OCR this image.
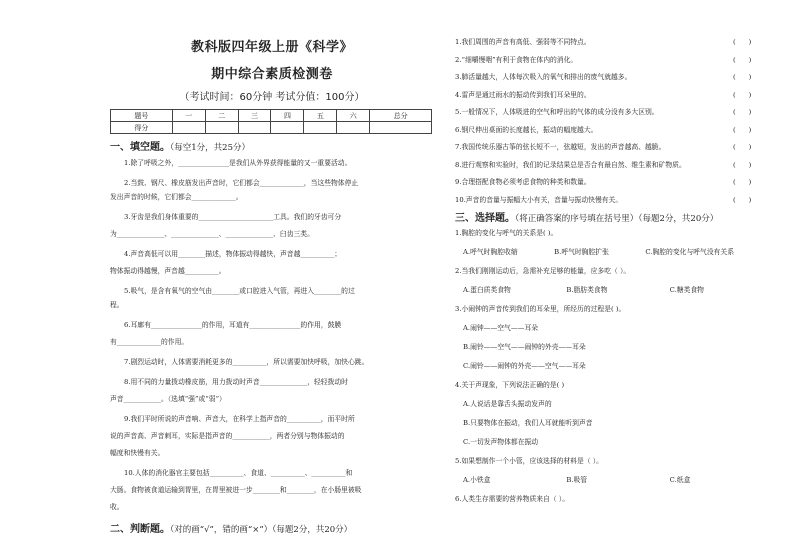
教科版四年级上册《科学》
期中综合素质检测卷
（考试时间：60分钟 考试分值：100分）
题号	一	二	三	四	五	六	总分
得分							
一、填空题。（每空1分，共25分）
1.除了呼吸之外，_______________是我们从外界获得能量的又一重要活动。
2.当鼓、钢尺、橡皮筋发出声音时，它们都会_____________，当这些物体停止
发出声音的时候，它们都会_____________。
3.牙齿是我们身体重要的______________________工具。我们的牙齿可分
为______________、______________、______________、臼齿三类。
4.声音高低可以用________描述，物体振动得越快，声音越__________；
物体振动得越慢，声音越__________。
5.吸气，是含有氧气的空气由________或口腔进入气管，再进入________的过
程。
6.耳廓有_______________的作用，耳道有_______________的作用，鼓膜
有_____________的作用。
7.剧烈运动时，人体需要消耗更多的__________，所以需要加快呼吸，加快心跳。
8.用不同的力量拨动橡皮筋，用力拨动时声音______________，轻轻拨动时
声音___________。（选填“强”或“弱”）
9.我们平时所说的声音响、声音大，在科学上指声音的__________，而平时所
说的声音高、声音刺耳，实际是指声音的___________，两者分别与物体振动的
幅度和快慢有关。
10.人体的消化器官主要包括__________、食道、__________、__________和
大肠。食物被食道运输到胃里，在胃里被进一步________和________，在小肠里被吸
收。
二、判断题。（对的画“√”，错的画“×”）（每题2分，共20分）
1.我们周围的声音有高低、强弱等不同特点。	(      )
2.“细嚼慢咽”有利于食物在体内的消化。	(      )
3.肺活量越大，人体每次吸入的氧气和排出的废气就越多。	(      )
4.雷声是通过雨水的振动传到我们耳朵里的。	(      )
5.一般情况下，人体吸进的空气和呼出的气体的成分没有多大区别。	(      )
6.钢尺伸出桌面的长度越长，振动的幅度越大。	(      )
7.我国传统乐器古筝的弦长短不一，弦越短，发出的声音越高、越脆。	(      )
8.进行观察和实验时，我们的记录结果总是否合有最自然、维生素和矿物质。	(      )
9.合理搭配食物必须考虑食物的种类和数量。	(      )
10.声音的音量与振幅大小有关，音量与振动快慢有关。	(      )
三、选择题。（将正确答案的序号填在括号里）（每题2分，共20分）
1.胸腔的变化与呼气的关系是( )。
A.呼气时胸腔收缩	B.呼气时胸腔扩张	C.胸腔的变化与呼气没有关系
2.当我们刚刚运动后，急需补充足够的能量，应多吃（ ）。
A.蛋白质类食物	B.脂肪类食物	C.糖类食物
3.小闹钟的声音传到我们的耳朵里，所经历的过程是( )。
A.闹钟——空气——耳朵
B.闹铃——空气——闹钟的外壳——耳朵
C.闹铃——闹钟的外壳——空气——耳朵
4.关于声现象，下列说法正确的是( )
A.人说话是靠舌头振动发声的
B.只要物体在振动，我们人耳就能听到声音
C.一切发声物体都在振动
5.如果想制作一个小管，应该选择的材料是（ ）。
A.小铁盒	B.吸管	C.纸盒
6.人类生存需要的营养物质来自（ ）。
